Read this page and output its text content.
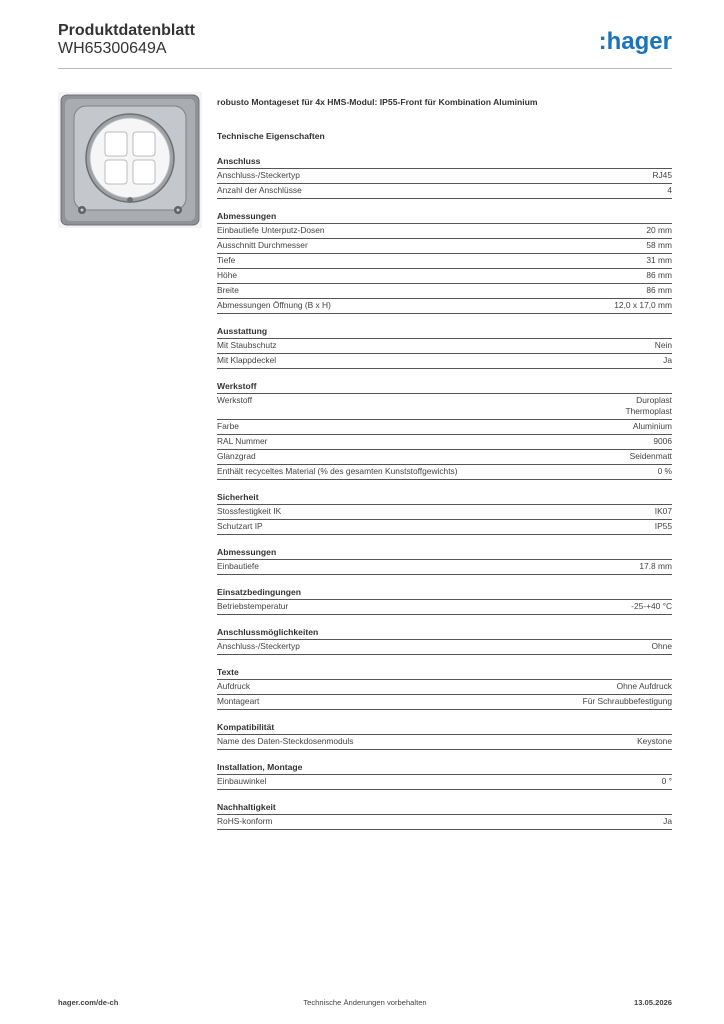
Produktdatenblatt
WH65300649A	:hager
robusto Montageset für 4x HMS-Modul: IP55-Front für Kombination Aluminium
Technische Eigenschaften
Anschluss
Anschluss-/Steckertyp	RJ45
Anzahl der Anschlüsse	4
Abmessungen
Einbautiefe Unterputz-Dosen	20 mm
Ausschnitt Durchmesser	58 mm
Tiefe	31 mm
Höhe	86 mm
Breite	86 mm
Abmessungen Öffnung (B x H)	12,0 x 17,0 mm
Ausstattung
Mit Staubschutz	Nein
Mit Klappdeckel	Ja
Werkstoff
Werkstoff	Duroplast
Thermoplast
Farbe	Aluminium
RAL Nummer	9006
Glanzgrad	Seidenmatt
Enthält recyceltes Material (% des gesamten Kunststoffgewichts)	0 %
Sicherheit
Stossfestigkeit IK	IK07
Schutzart IP	IP55
Abmessungen
Einbautiefe	17.8 mm
Einsatzbedingungen
Betriebstemperatur	-25-+40 °C
Anschlussmöglichkeiten
Anschluss-/Steckertyp	Ohne
Texte
Aufdruck	Ohne Aufdruck
Montageart	Für Schraubbefestigung
Kompatibilität
Name des Daten-Steckdosenmoduls	Keystone
Installation, Montage
Einbauwinkel	0 °
Nachhaltigkeit
RoHS-konform	Ja
hager.com/de-ch	Technische Änderungen vorbehalten	13.05.2026
